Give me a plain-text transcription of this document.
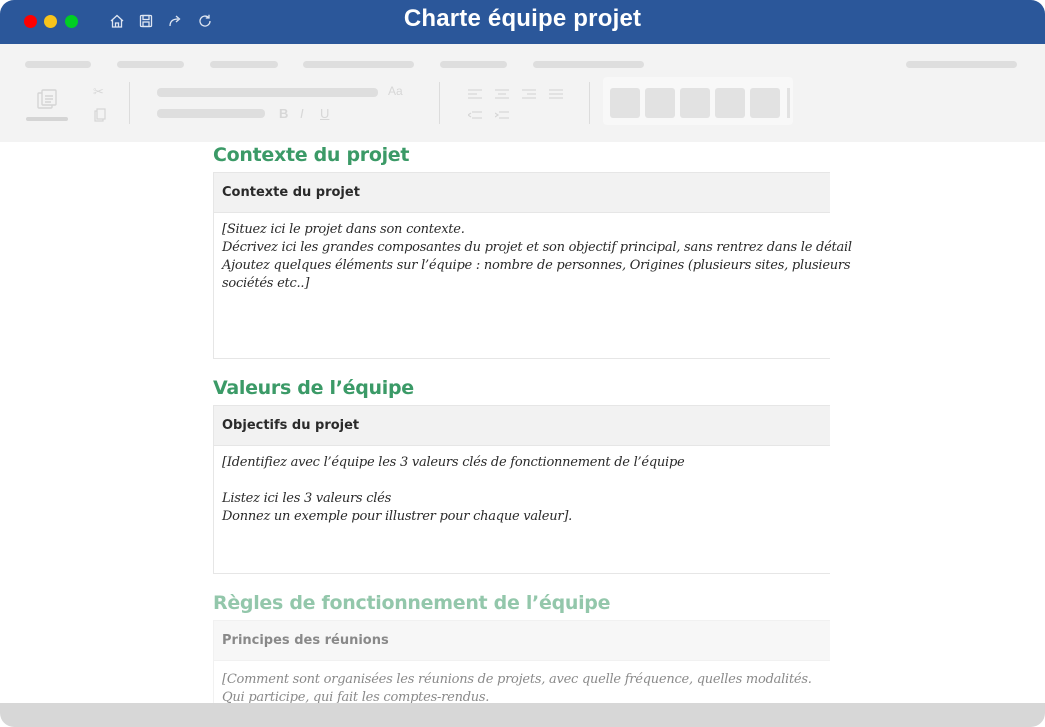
Charte équipe projet
✂	Aa
B I U
Contexte du projet
Contexte du projet
[Situez ici le projet dans son contexte.
Décrivez ici les grandes composantes du projet et son objectif principal, sans rentrez dans le détail
Ajoutez quelques éléments sur l’équipe : nombre de personnes, Origines (plusieurs sites, plusieurs
sociétés etc..]
Valeurs de l’équipe
Objectifs du projet
[Identifiez avec l’équipe les 3 valeurs clés de fonctionnement de l’équipe
Listez ici les 3 valeurs clés
Donnez un exemple pour illustrer pour chaque valeur].
Règles de fonctionnement de l’équipe
Principes des réunions
[Comment sont organisées les réunions de projets, avec quelle fréquence, quelles modalités.
Qui participe, qui fait les comptes-rendus.
